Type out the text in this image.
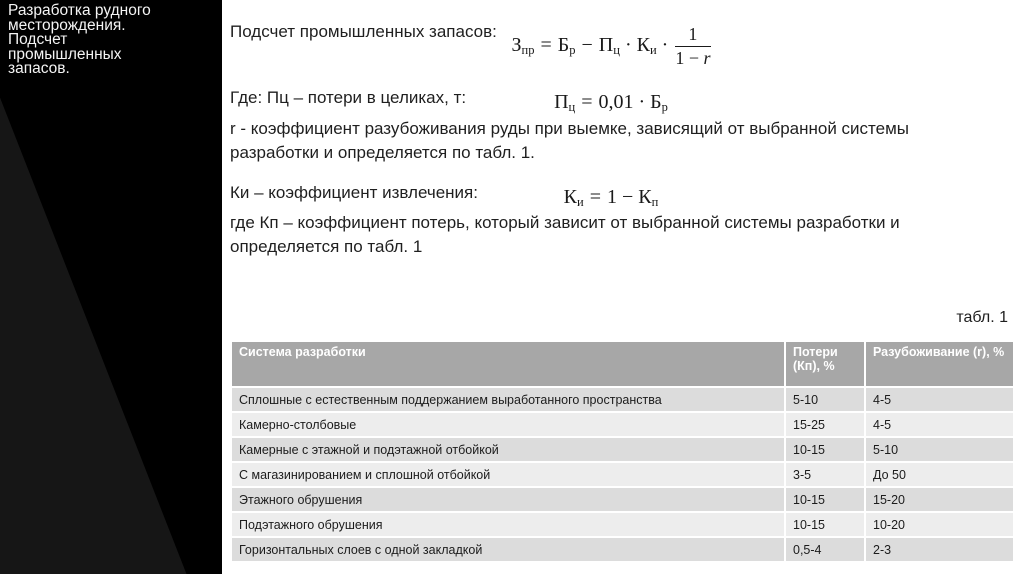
Разработка рудного
месторождения.
Подсчет
промышленных
запасов.

Подсчет промышленных запасов:

$З_{пр} = Б_р - П_ц \cdot К_и \cdot \frac{1}{1 - r}$

Где: Пц – потери в целиках, т:	$П_ц = 0,01 \cdot Б_р$
r - коэффициент разубоживания руды при выемке, зависящий от выбранной системы
разработки и определяется по табл. 1.

Ки – коэффициент извлечения:	$К_и = 1 - К_п$
где Кп – коэффициент потерь, который зависит от выбранной системы разработки и
определяется по табл. 1
табл. 1
Система разработки	Потери (Кп), %	Разубоживание (r), %
Сплошные с естественным поддержанием выработанного пространства	5-10	4-5
Камерно-столбовые	15-25	4-5
Камерные с этажной и подэтажной отбойкой	10-15	5-10
С магазинированием и сплошной отбойкой	3-5	До 50
Этажного обрушения	10-15	15-20
Подэтажного обрушения	10-15	10-20
Горизонтальных слоев с одной закладкой	0,5-4	2-3
